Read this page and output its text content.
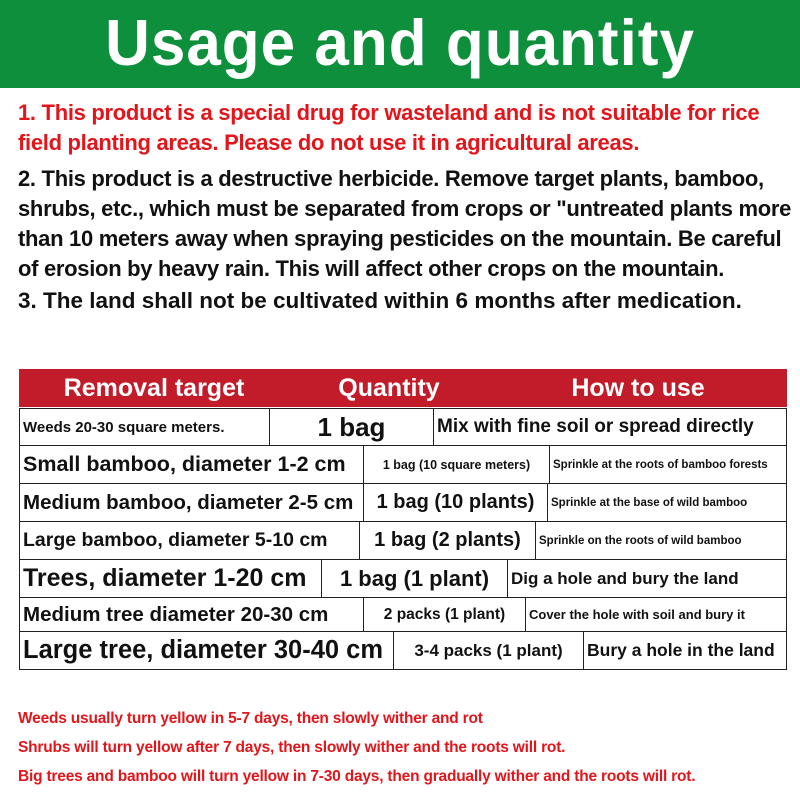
Usage and quantity

1. This product is a special drug for wasteland and is not suitable for rice field planting areas. Please do not use it in agricultural areas.

2. This product is a destructive herbicide. Remove target plants, bamboo, shrubs, etc., which must be separated from crops or "untreated plants more than 10 meters away when spraying pesticides on the mountain. Be careful of erosion by heavy rain. This will affect other crops on the mountain.

3. The land shall not be cultivated within 6 months after medication.

Removal target	Quantity	How to use
Weeds 20-30 square meters.	1 bag	Mix with fine soil or spread directly
Small bamboo, diameter 1-2 cm	1 bag (10 square meters)	Sprinkle at the roots of bamboo forests
Medium bamboo, diameter 2-5 cm	1 bag (10 plants)	Sprinkle at the base of wild bamboo
Large bamboo, diameter 5-10 cm	1 bag (2 plants)	Sprinkle on the roots of wild bamboo
Trees, diameter 1-20 cm	1 bag (1 plant)	Dig a hole and bury the land
Medium tree diameter 20-30 cm	2 packs (1 plant)	Cover the hole with soil and bury it
Large tree, diameter 30-40 cm	3-4 packs (1 plant)	Bury a hole in the land

Weeds usually turn yellow in 5-7 days, then slowly wither and rot

Shrubs will turn yellow after 7 days, then slowly wither and the roots will rot.

Big trees and bamboo will turn yellow in 7-30 days, then gradually wither and the roots will rot.
